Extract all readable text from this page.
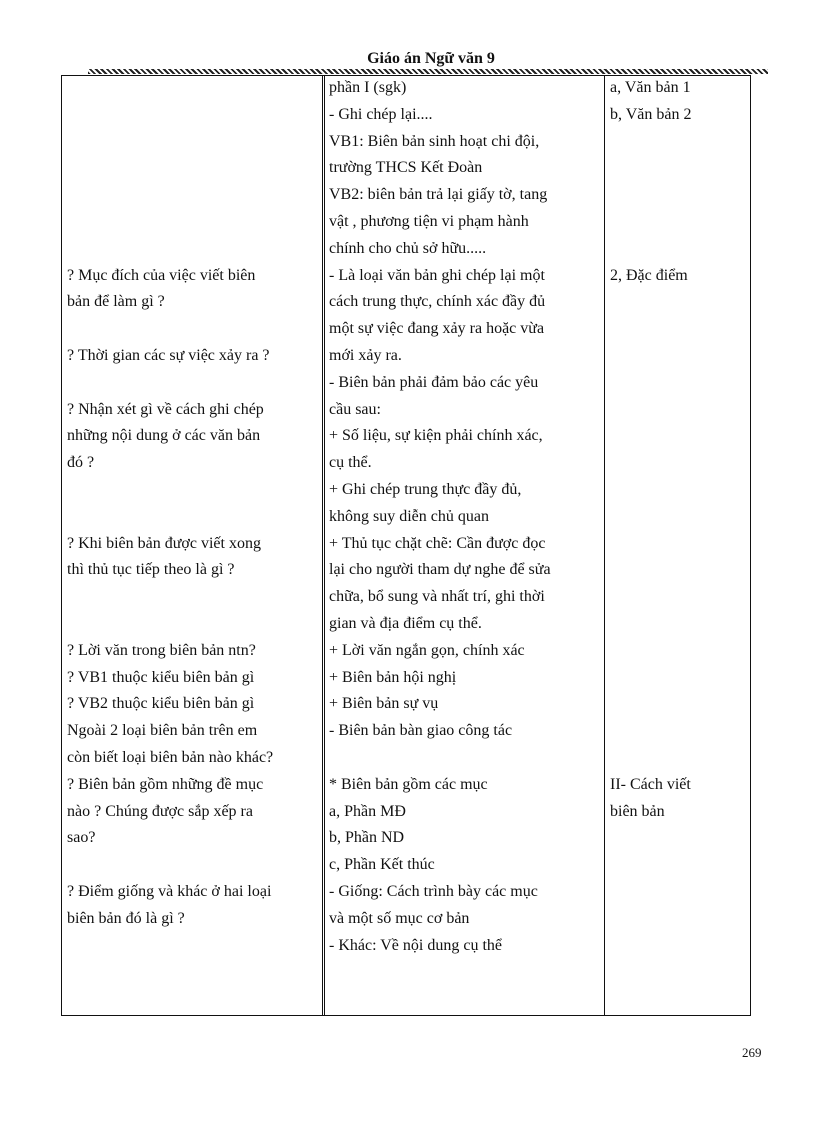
Giáo án Ngữ văn 9
? Mục đích của việc viết biên
bản để làm gì ?
? Thời gian các sự việc xảy ra ?
? Nhận xét gì về cách ghi chép
những nội dung ở các văn bản
đó ?
? Khi biên bản được viết xong
thì thủ tục tiếp theo là gì ?
? Lời văn trong biên bản ntn?
? VB1 thuộc kiểu biên bản gì
? VB2 thuộc kiểu biên bản gì
Ngoài 2 loại biên bản trên em
còn biết loại biên bản nào khác?
? Biên bản gồm những đề mục
nào ? Chúng được sắp xếp ra
sao?
? Điểm giống và khác ở hai loại
biên bản đó là gì ?
phần I (sgk)
- Ghi chép lại....
VB1: Biên bản sinh hoạt chi đội,
trường THCS Kết Đoàn
VB2: biên bản trả lại giấy tờ, tang
vật , phương tiện vi phạm hành
chính cho chủ sở hữu.....
- Là loại văn bản ghi chép lại một
cách trung thực, chính xác đầy đủ
một sự việc đang xảy ra hoặc vừa
mới xảy ra.
- Biên bản phải đảm bảo các yêu
cầu sau:
+ Số liệu, sự kiện phải chính xác,
cụ thể.
+ Ghi chép trung thực đầy đủ,
không suy diễn chủ quan
+ Thủ tục chặt chẽ: Cần được đọc
lại cho người tham dự nghe để sửa
chữa, bổ sung và nhất trí, ghi thời
gian và địa điểm cụ thể.
+ Lời văn ngắn gọn, chính xác
+ Biên bản hội nghị
+ Biên bản sự vụ
- Biên bản bàn giao công tác
* Biên bản gồm các mục
a, Phần MĐ
b, Phần ND
c, Phần Kết thúc
- Giống: Cách trình bày các mục
và một số mục cơ bản
- Khác: Về nội dung cụ thể
a, Văn bản 1
b, Văn bản 2
2, Đặc điểm
II- Cách viết
biên bản
269
